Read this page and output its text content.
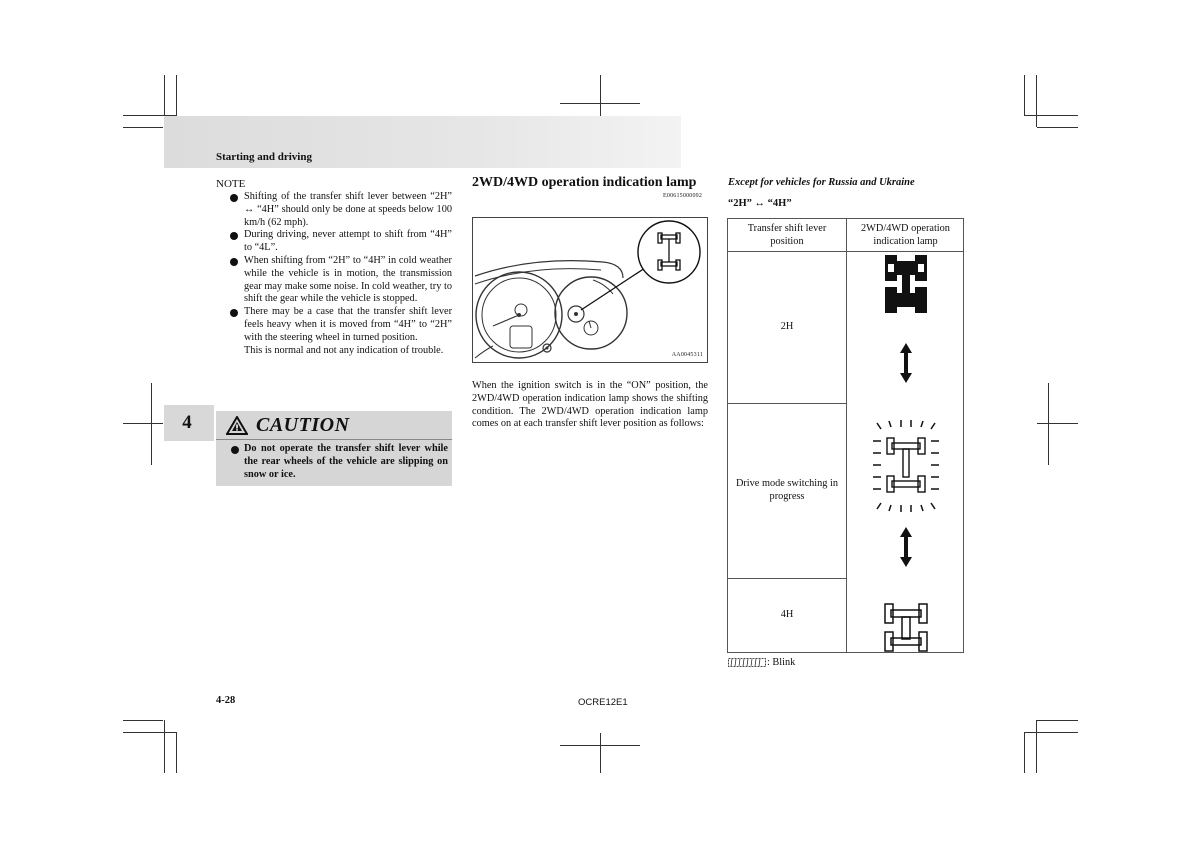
Starting and driving
4
NOTE
Shifting of the transfer shift lever between “2H” ↔ “4H” should only be done at speeds below 100 km/h (62 mph).
During driving, never attempt to shift from “4H” to “4L”.
When shifting from “2H” to “4H” in cold weather while the vehicle is in motion, the transmission gear may make some noise. In cold weather, try to shift the gear while the vehicle is stopped.
There may be a case that the transfer shift lever feels heavy when it is moved from “4H” to “2H” with the steering wheel in turned position.
This is normal and not any indication of trouble.
CAUTION
Do not operate the transfer shift lever while the rear wheels of the vehicle are slipping on snow or ice.
2WD/4WD operation indication lamp
E00615000092
AA0045311
When the ignition switch is in the “ON” position, the 2WD/4WD operation indication lamp shows the shifting condition. The 2WD/4WD operation indication lamp comes on at each transfer shift lever position as follows:
Except for vehicles for Russia and Ukraine
“2H” ↔ “4H”
Transfer shift lever position
2WD/4WD operation indication lamp
2H
Drive mode switching in progress
4H
: Blink
4-28	OCRE12E1
